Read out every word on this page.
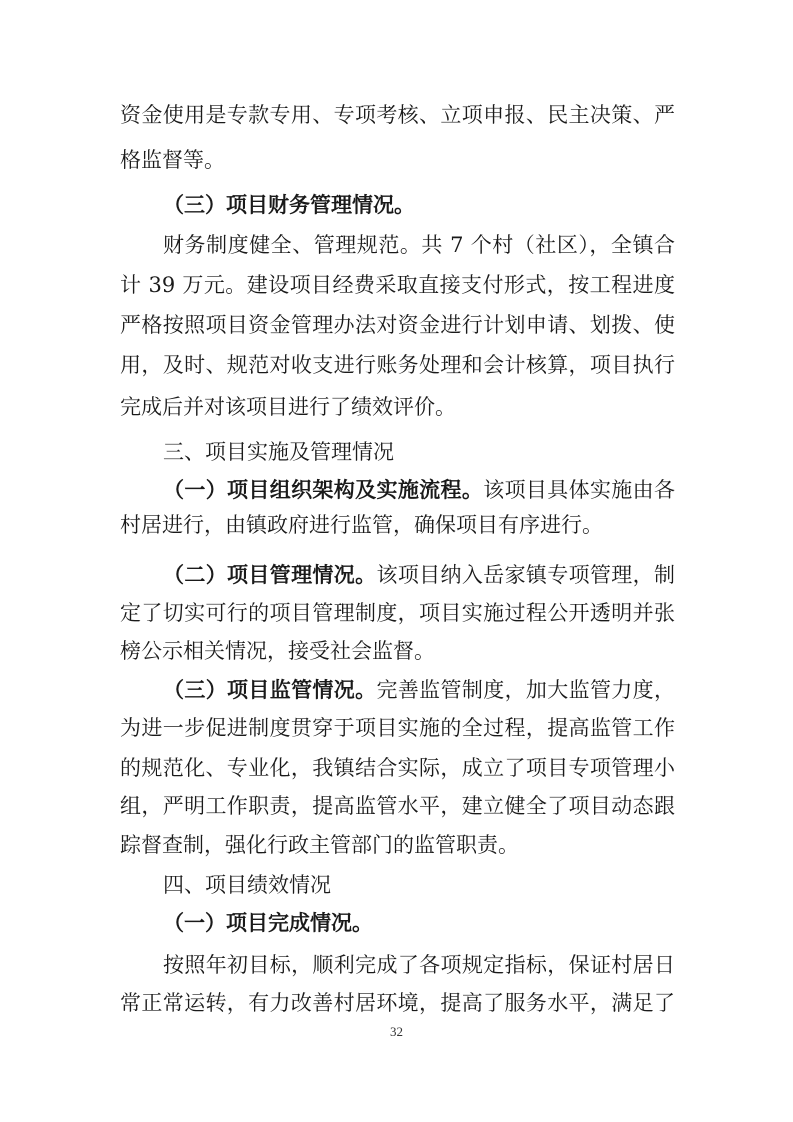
资金使用是专款专用、专项考核、立项申报、民主决策、严
格监督等。
（三）项目财务管理情况。
财务制度健全、管理规范。共 7 个村（社区），全镇合
计 39 万元。建设项目经费采取直接支付形式，按工程进度
严格按照项目资金管理办法对资金进行计划申请、划拨、使
用，及时、规范对收支进行账务处理和会计核算，项目执行
完成后并对该项目进行了绩效评价。
三、项目实施及管理情况
（一）项目组织架构及实施流程。该项目具体实施由各
村居进行，由镇政府进行监管，确保项目有序进行。
（二）项目管理情况。该项目纳入岳家镇专项管理，制
定了切实可行的项目管理制度，项目实施过程公开透明并张
榜公示相关情况，接受社会监督。
（三）项目监管情况。完善监管制度，加大监管力度，
为进一步促进制度贯穿于项目实施的全过程，提高监管工作
的规范化、专业化，我镇结合实际，成立了项目专项管理小
组，严明工作职责，提高监管水平，建立健全了项目动态跟
踪督查制，强化行政主管部门的监管职责。
四、项目绩效情况
（一）项目完成情况。
按照年初目标，顺利完成了各项规定指标，保证村居日
常正常运转，有力改善村居环境，提高了服务水平，满足了
32
